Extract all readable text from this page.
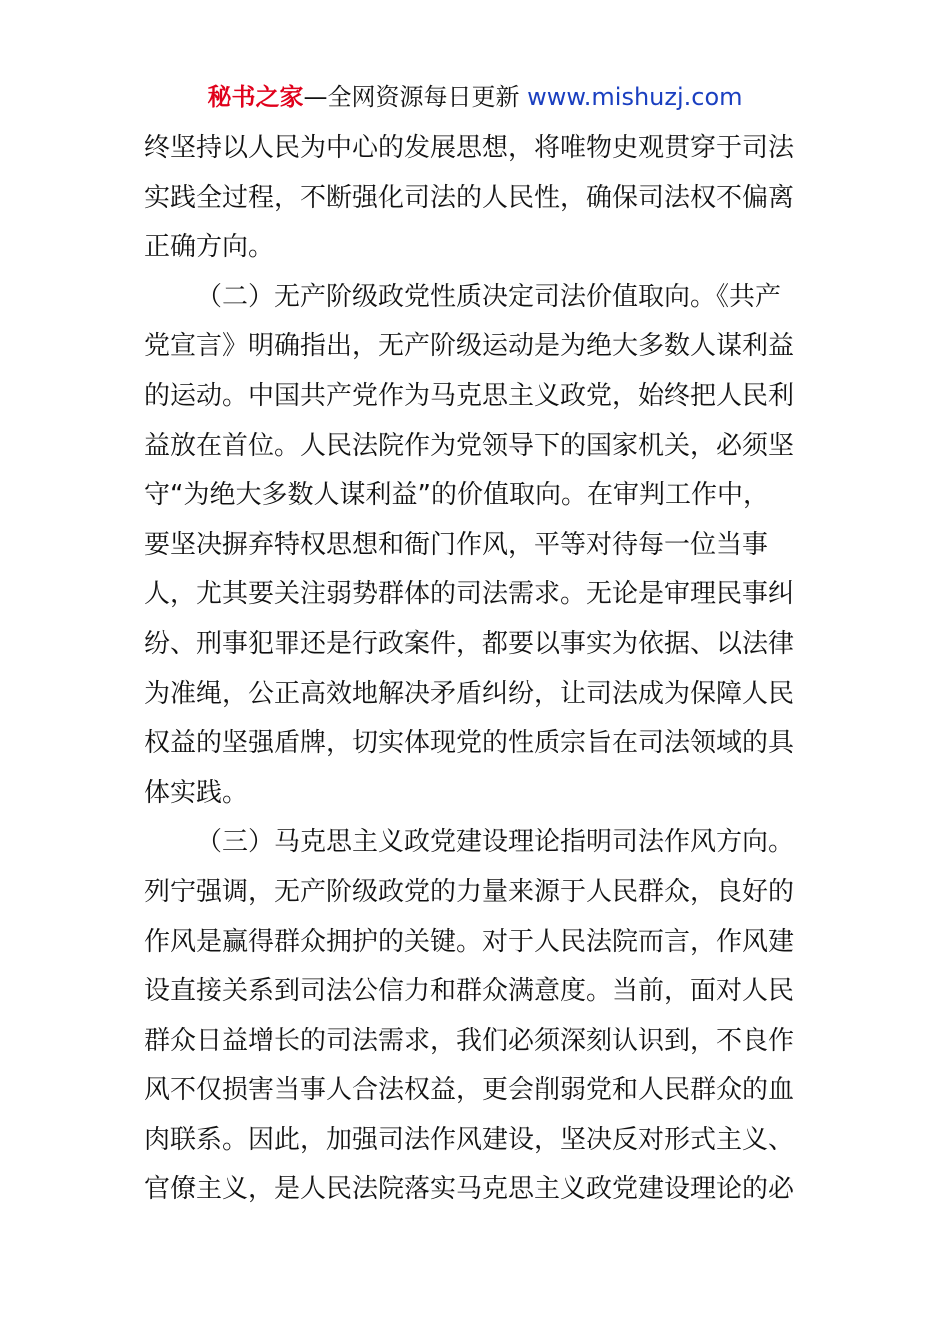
秘书之家—全网资源每日更新 www.mishuzj.com
终坚持以人民为中心的发展思想，将唯物史观贯穿于司法
实践全过程，不断强化司法的人民性，确保司法权不偏离
正确方向。
（二）无产阶级政党性质决定司法价值取向。《共产
党宣言》明确指出，无产阶级运动是为绝大多数人谋利益
的运动。中国共产党作为马克思主义政党，始终把人民利
益放在首位。人民法院作为党领导下的国家机关，必须坚
守“为绝大多数人谋利益”的价值取向。在审判工作中，
要坚决摒弃特权思想和衙门作风，平等对待每一位当事
人，尤其要关注弱势群体的司法需求。无论是审理民事纠
纷、刑事犯罪还是行政案件，都要以事实为依据、以法律
为准绳，公正高效地解决矛盾纠纷，让司法成为保障人民
权益的坚强盾牌，切实体现党的性质宗旨在司法领域的具
体实践。
（三）马克思主义政党建设理论指明司法作风方向。
列宁强调，无产阶级政党的力量来源于人民群众，良好的
作风是赢得群众拥护的关键。对于人民法院而言，作风建
设直接关系到司法公信力和群众满意度。当前，面对人民
群众日益增长的司法需求，我们必须深刻认识到，不良作
风不仅损害当事人合法权益，更会削弱党和人民群众的血
肉联系。因此，加强司法作风建设，坚决反对形式主义、
官僚主义，是人民法院落实马克思主义政党建设理论的必
